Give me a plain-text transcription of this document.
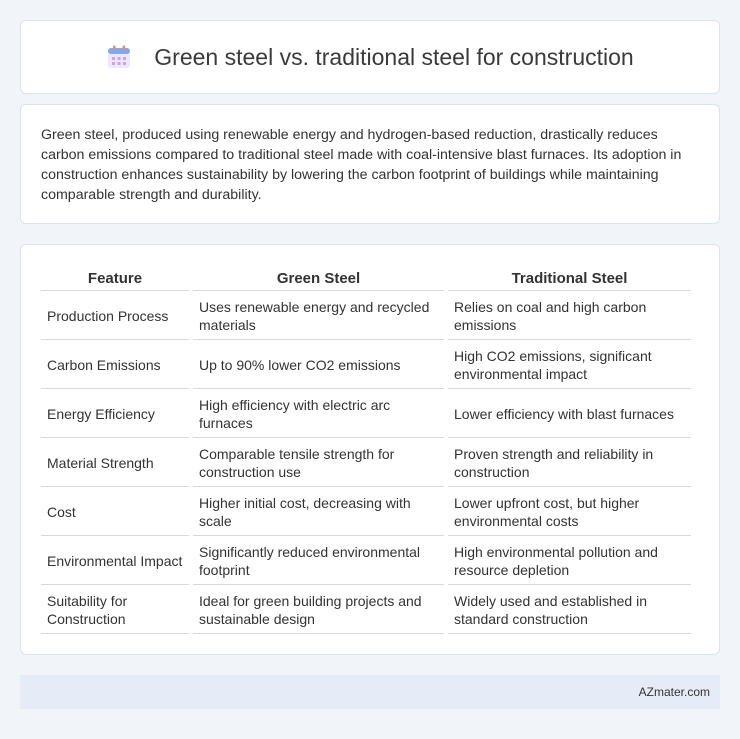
Green steel vs. traditional steel for construction

Green steel, produced using renewable energy and hydrogen-based reduction, drastically reduces carbon emissions compared to traditional steel made with coal-intensive blast furnaces. Its adoption in construction enhances sustainability by lowering the carbon footprint of buildings while maintaining comparable strength and durability.

Feature	Green Steel	Traditional Steel
Production Process	Uses renewable energy and recycled materials	Relies on coal and high carbon emissions
Carbon Emissions	Up to 90% lower CO2 emissions	High CO2 emissions, significant environmental impact
Energy Efficiency	High efficiency with electric arc furnaces	Lower efficiency with blast furnaces
Material Strength	Comparable tensile strength for construction use	Proven strength and reliability in construction
Cost	Higher initial cost, decreasing with scale	Lower upfront cost, but higher environmental costs
Environmental Impact	Significantly reduced environmental footprint	High environmental pollution and resource depletion
Suitability for Construction	Ideal for green building projects and sustainable design	Widely used and established in standard construction
AZmater.com
